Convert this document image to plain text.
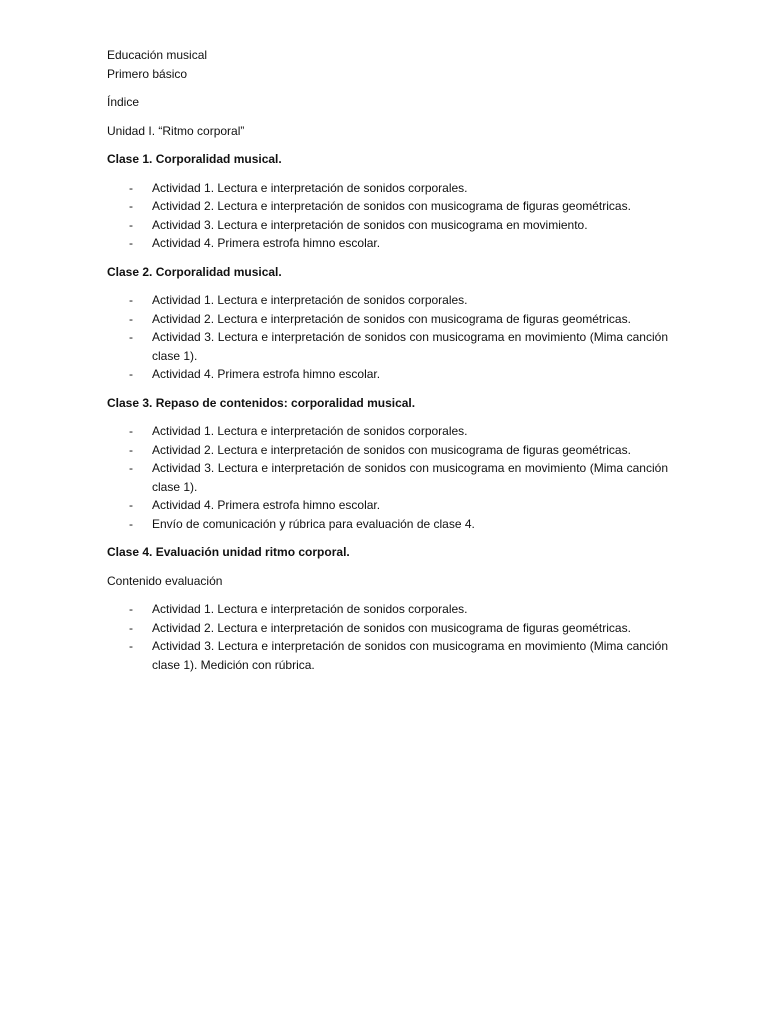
Educación musical

Primero básico

Índice

Unidad I. “Ritmo corporal”

Clase 1. Corporalidad musical.

- Actividad 1. Lectura e interpretación de sonidos corporales.
- Actividad 2. Lectura e interpretación de sonidos con musicograma de figuras geométricas.
- Actividad 3. Lectura e interpretación de sonidos con musicograma en movimiento.
- Actividad 4. Primera estrofa himno escolar.

Clase 2. Corporalidad musical.

- Actividad 1. Lectura e interpretación de sonidos corporales.
- Actividad 2. Lectura e interpretación de sonidos con musicograma de figuras geométricas.
- Actividad 3. Lectura e interpretación de sonidos con musicograma en movimiento (Mima canción clase 1).
- Actividad 4. Primera estrofa himno escolar.

Clase 3. Repaso de contenidos: corporalidad musical.

- Actividad 1. Lectura e interpretación de sonidos corporales.
- Actividad 2. Lectura e interpretación de sonidos con musicograma de figuras geométricas.
- Actividad 3. Lectura e interpretación de sonidos con musicograma en movimiento (Mima canción clase 1).
- Actividad 4. Primera estrofa himno escolar.
- Envío de comunicación y rúbrica para evaluación de clase 4.

Clase 4. Evaluación unidad ritmo corporal.

Contenido evaluación

- Actividad 1. Lectura e interpretación de sonidos corporales.
- Actividad 2. Lectura e interpretación de sonidos con musicograma de figuras geométricas.
- Actividad 3. Lectura e interpretación de sonidos con musicograma en movimiento (Mima canción clase 1). Medición con rúbrica.
